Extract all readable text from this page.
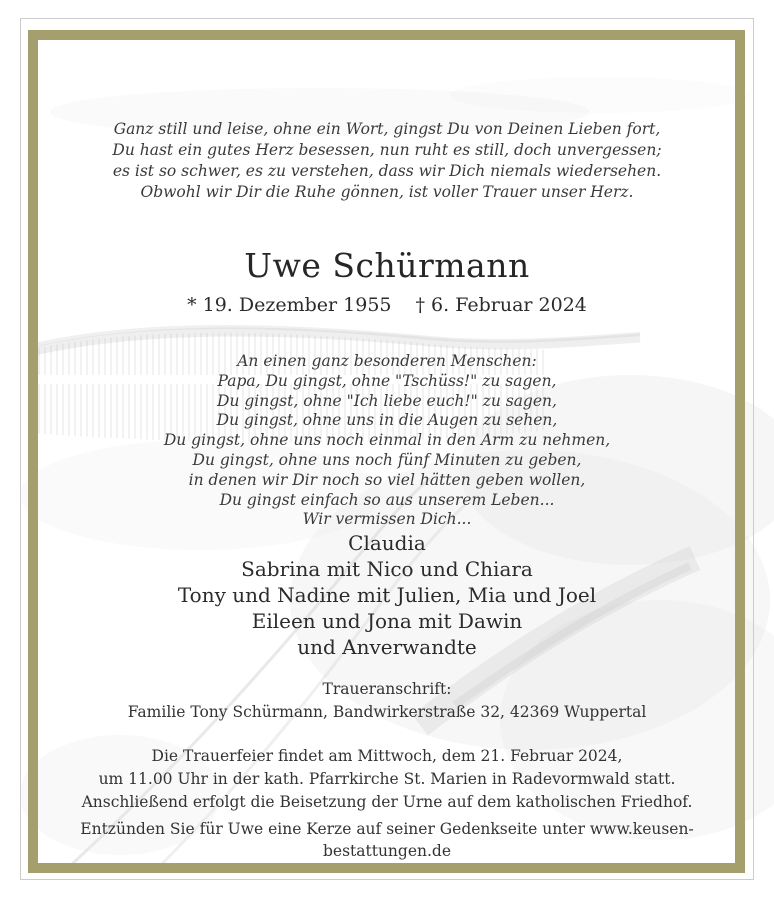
Ganz still und leise, ohne ein Wort, gingst Du von Deinen Lieben fort,
Du hast ein gutes Herz besessen, nun ruht es still, doch unvergessen;
es ist so schwer, es zu verstehen, dass wir Dich niemals wiedersehen.
Obwohl wir Dir die Ruhe gönnen, ist voller Trauer unser Herz.
Uwe Schürmann
* 19. Dezember 1955 † 6. Februar 2024
An einen ganz besonderen Menschen:
Papa, Du gingst, ohne "Tschüss!" zu sagen,
Du gingst, ohne "Ich liebe euch!" zu sagen,
Du gingst, ohne uns in die Augen zu sehen,
Du gingst, ohne uns noch einmal in den Arm zu nehmen,
Du gingst, ohne uns noch fünf Minuten zu geben,
in denen wir Dir noch so viel hätten geben wollen,
Du gingst einfach so aus unserem Leben...
Wir vermissen Dich...
Claudia
Sabrina mit Nico und Chiara
Tony und Nadine mit Julien, Mia und Joel
Eileen und Jona mit Dawin
und Anverwandte
Traueranschrift:
Familie Tony Schürmann, Bandwirkerstraße 32, 42369 Wuppertal
Die Trauerfeier findet am Mittwoch, dem 21. Februar 2024,
um 11.00 Uhr in der kath. Pfarrkirche St. Marien in Radevormwald statt.
Anschließend erfolgt die Beisetzung der Urne auf dem katholischen Friedhof.
Entzünden Sie für Uwe eine Kerze auf seiner Gedenkseite unter www.keusen-bestattungen.de
